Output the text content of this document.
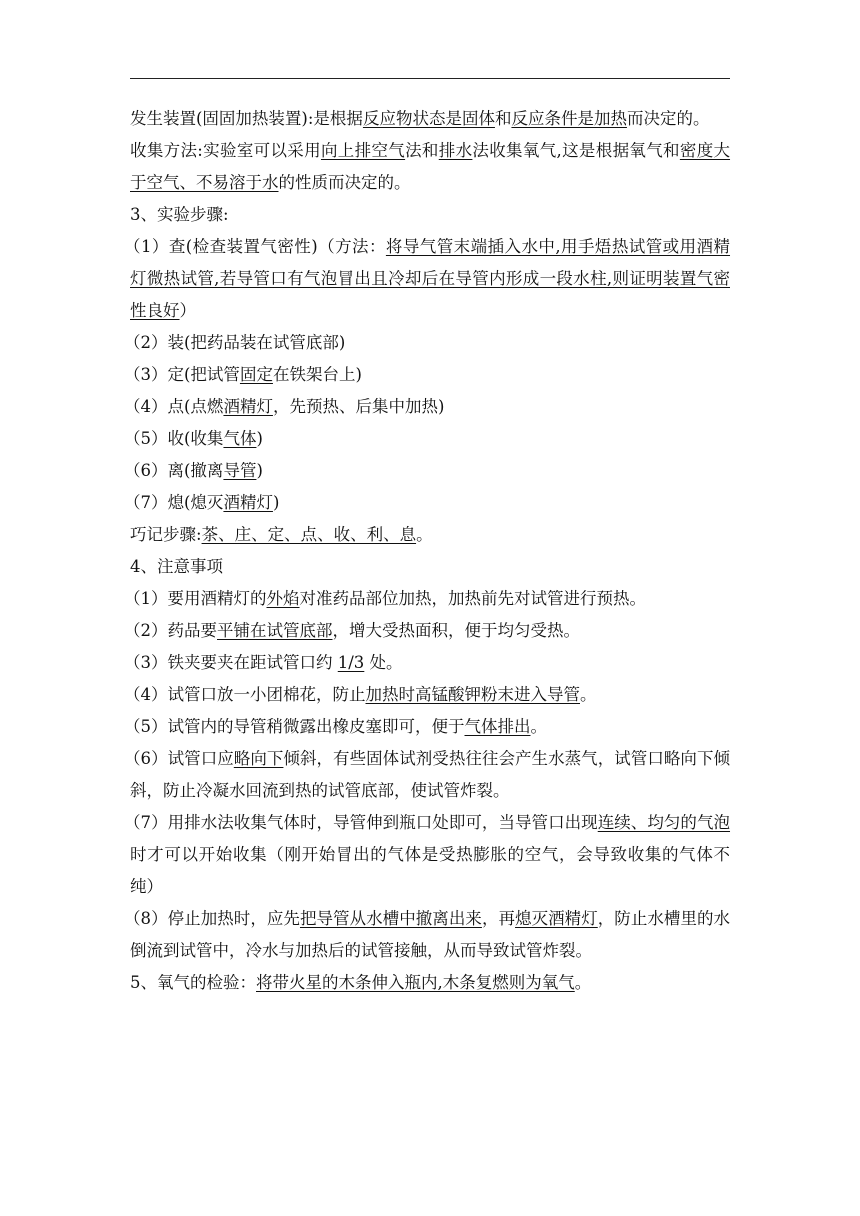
发生装置(固固加热装置):是根据反应物状态是固体和反应条件是加热而决定的。

收集方法:实验室可以采用向上排空气法和排水法收集氧气,这是根据氧气和密度大于空气、不易溶于水的性质而决定的。

3、实验步骤:

（1）查(检查装置气密性)（方法：将导气管末端插入水中,用手焐热试管或用酒精灯微热试管,若导管口有气泡冒出且冷却后在导管内形成一段水柱,则证明装置气密性良好）

（2）装(把药品装在试管底部)

（3）定(把试管固定在铁架台上)

（4）点(点燃酒精灯，先预热、后集中加热)

（5）收(收集气体)

（6）离(撤离导管)

（7）熄(熄灭酒精灯)

巧记步骤:茶、庄、定、点、收、利、息。

4、注意事项

（1）要用酒精灯的外焰对准药品部位加热，加热前先对试管进行预热。

（2）药品要平铺在试管底部，增大受热面积，便于均匀受热。

（3）铁夹要夹在距试管口约 1/3 处。

（4）试管口放一小团棉花，防止加热时高锰酸钾粉末进入导管。

（5）试管内的导管稍微露出橡皮塞即可，便于气体排出。

（6）试管口应略向下倾斜，有些固体试剂受热往往会产生水蒸气，试管口略向下倾斜，防止冷凝水回流到热的试管底部，使试管炸裂。

（7）用排水法收集气体时，导管伸到瓶口处即可，当导管口出现连续、均匀的气泡时才可以开始收集（刚开始冒出的气体是受热膨胀的空气，会导致收集的气体不纯）

（8）停止加热时，应先把导管从水槽中撤离出来，再熄灭酒精灯，防止水槽里的水倒流到试管中，冷水与加热后的试管接触，从而导致试管炸裂。

5、氧气的检验：将带火星的木条伸入瓶内,木条复燃则为氧气。
